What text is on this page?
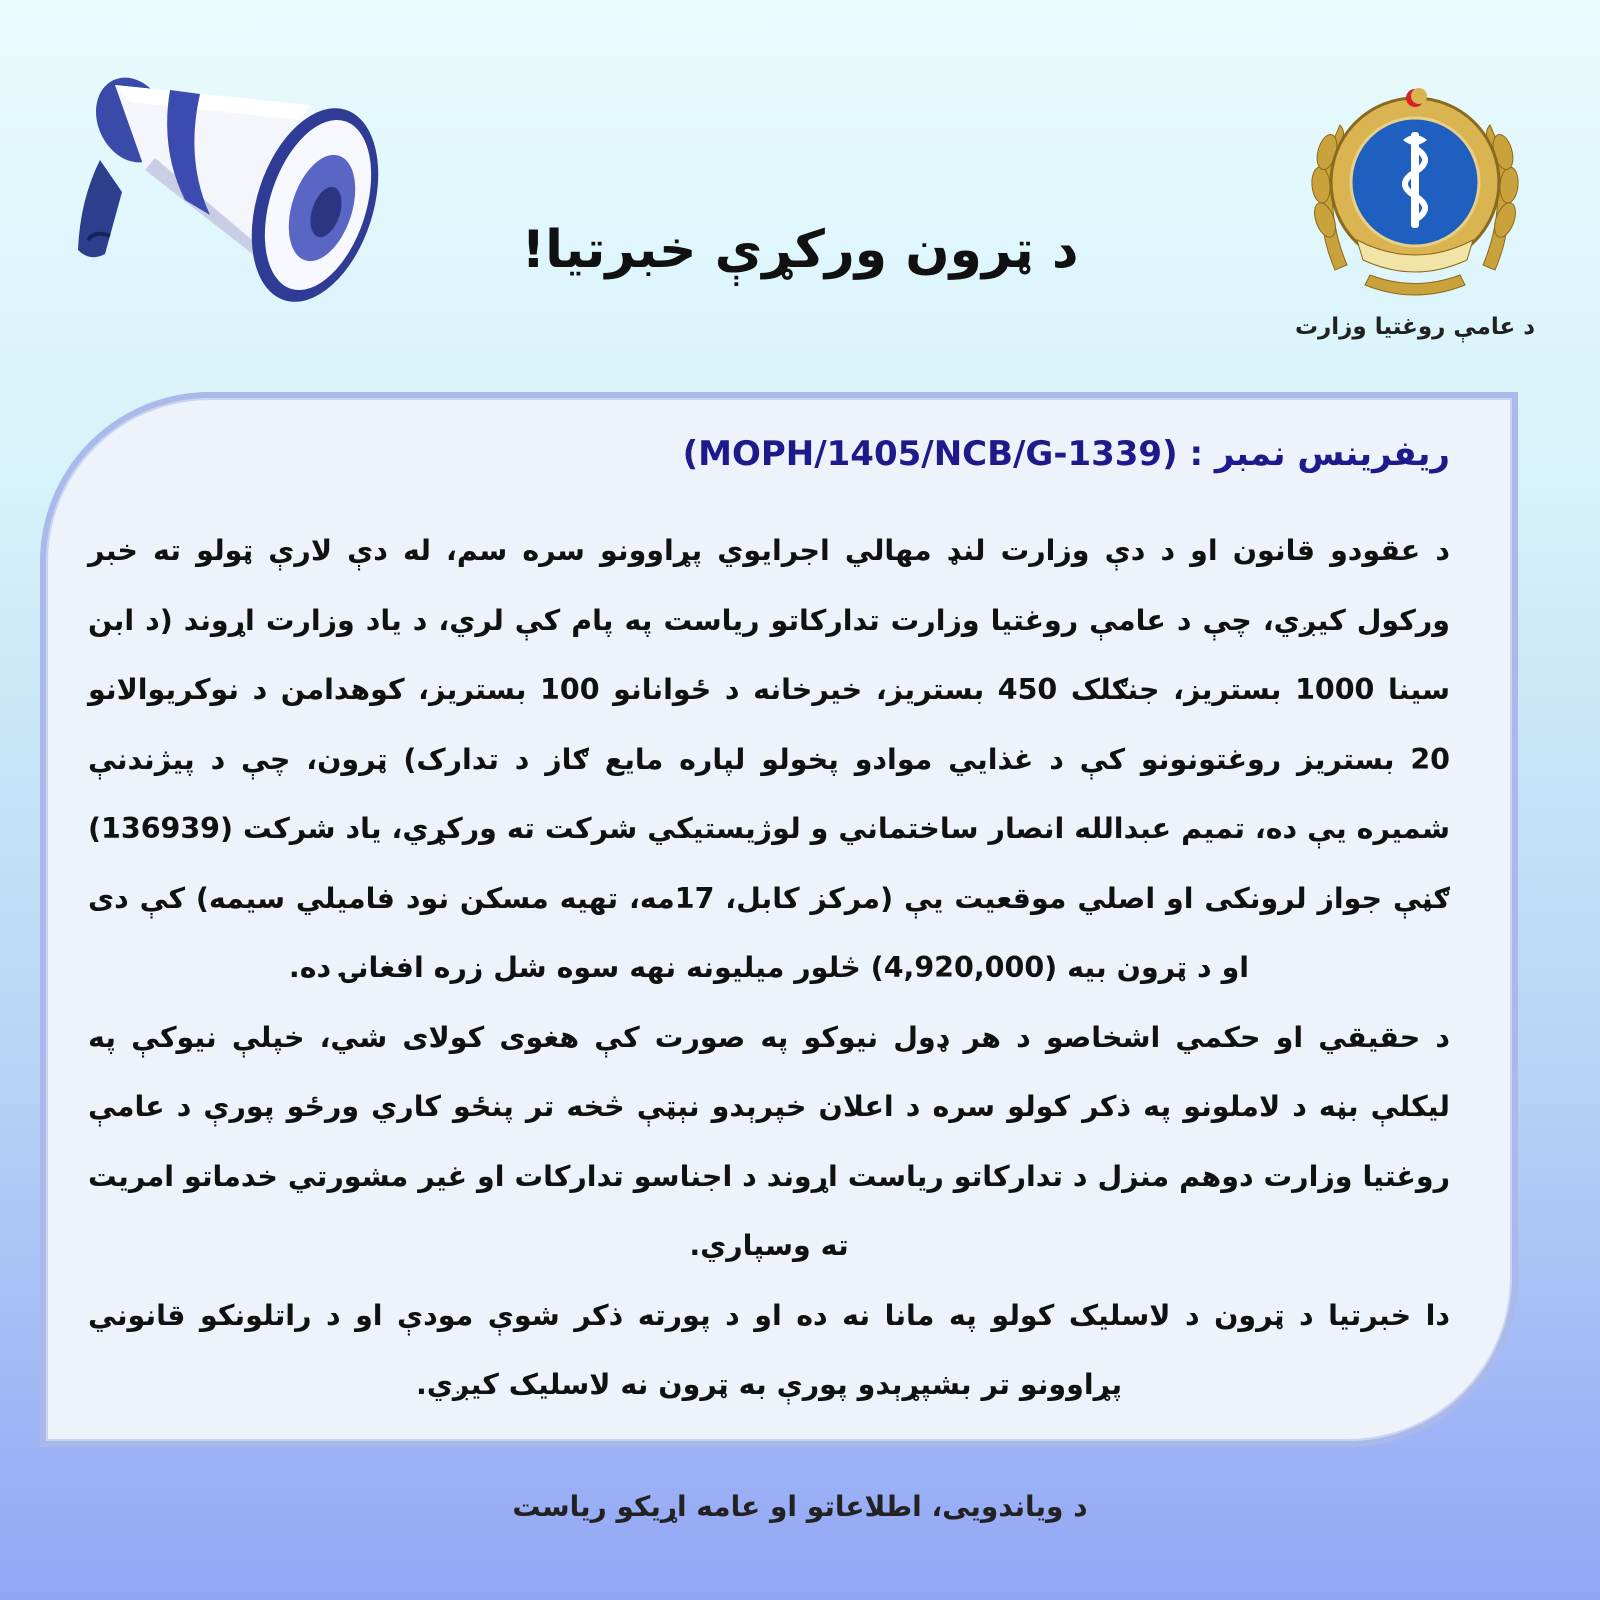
د عامې روغتیا وزارت
د ټرون ورکړې خبرتیا!
ریفرینس نمبر : (MOPH/1405/NCB/G-1339)

د عقودو قانون او د دې وزارت لنډ مهالي اجرايوي پړاوونو سره سم، له دې لارې ټولو ته خبر ورکول کیږي، چې د عامې روغتیا وزارت تدارکاتو ریاست په پام کې لري، د یاد وزارت اړوند (د ابن سینا 1000 بستریز، جنګلک 450 بستریز، خیرخانه د ځوانانو 100 بستریز، کوهدامن د نوکریوالانو 20 بستریز روغتونونو کې د غذايي موادو پخولو لپاره مایع ګاز د تدارک) ټرون، چې د پیژندنې شمیره یې ده، تمیم عبدالله انصار ساختماني و لوژیستیکي شرکت ته ورکړي، یاد شرکت (136939) ګڼې جواز لرونکی او اصلي موقعیت یې (مرکز کابل، 17مه، تهیه مسکن نود فامیلي سیمه) کې دی او د ټرون بیه (4,920,000) څلور میلیونه نهه سوه شل زره افغانۍ ده.

د حقیقي او حکمي اشخاصو د هر ډول نیوکو په صورت کې هغوی کولای شي، خپلې نیوکې په لیکلې بڼه د لاملونو په ذکر کولو سره د اعلان خپرېدو نېټې څخه تر پنځو کاري ورځو پورې د عامې روغتیا وزارت دوهم منزل د تدارکاتو ریاست اړوند د اجناسو تدارکات او غیر مشورتي خدماتو امریت ته وسپاري.

دا خبرتیا د ټرون د لاسلیک کولو په مانا نه ده او د پورته ذکر شوې مودې او د راتلونکو قانوني پړاوونو تر بشپړېدو پورې به ټرون نه لاسلیک کیږي.

د ویاندویی، اطلاعاتو او عامه اړیکو ریاست
